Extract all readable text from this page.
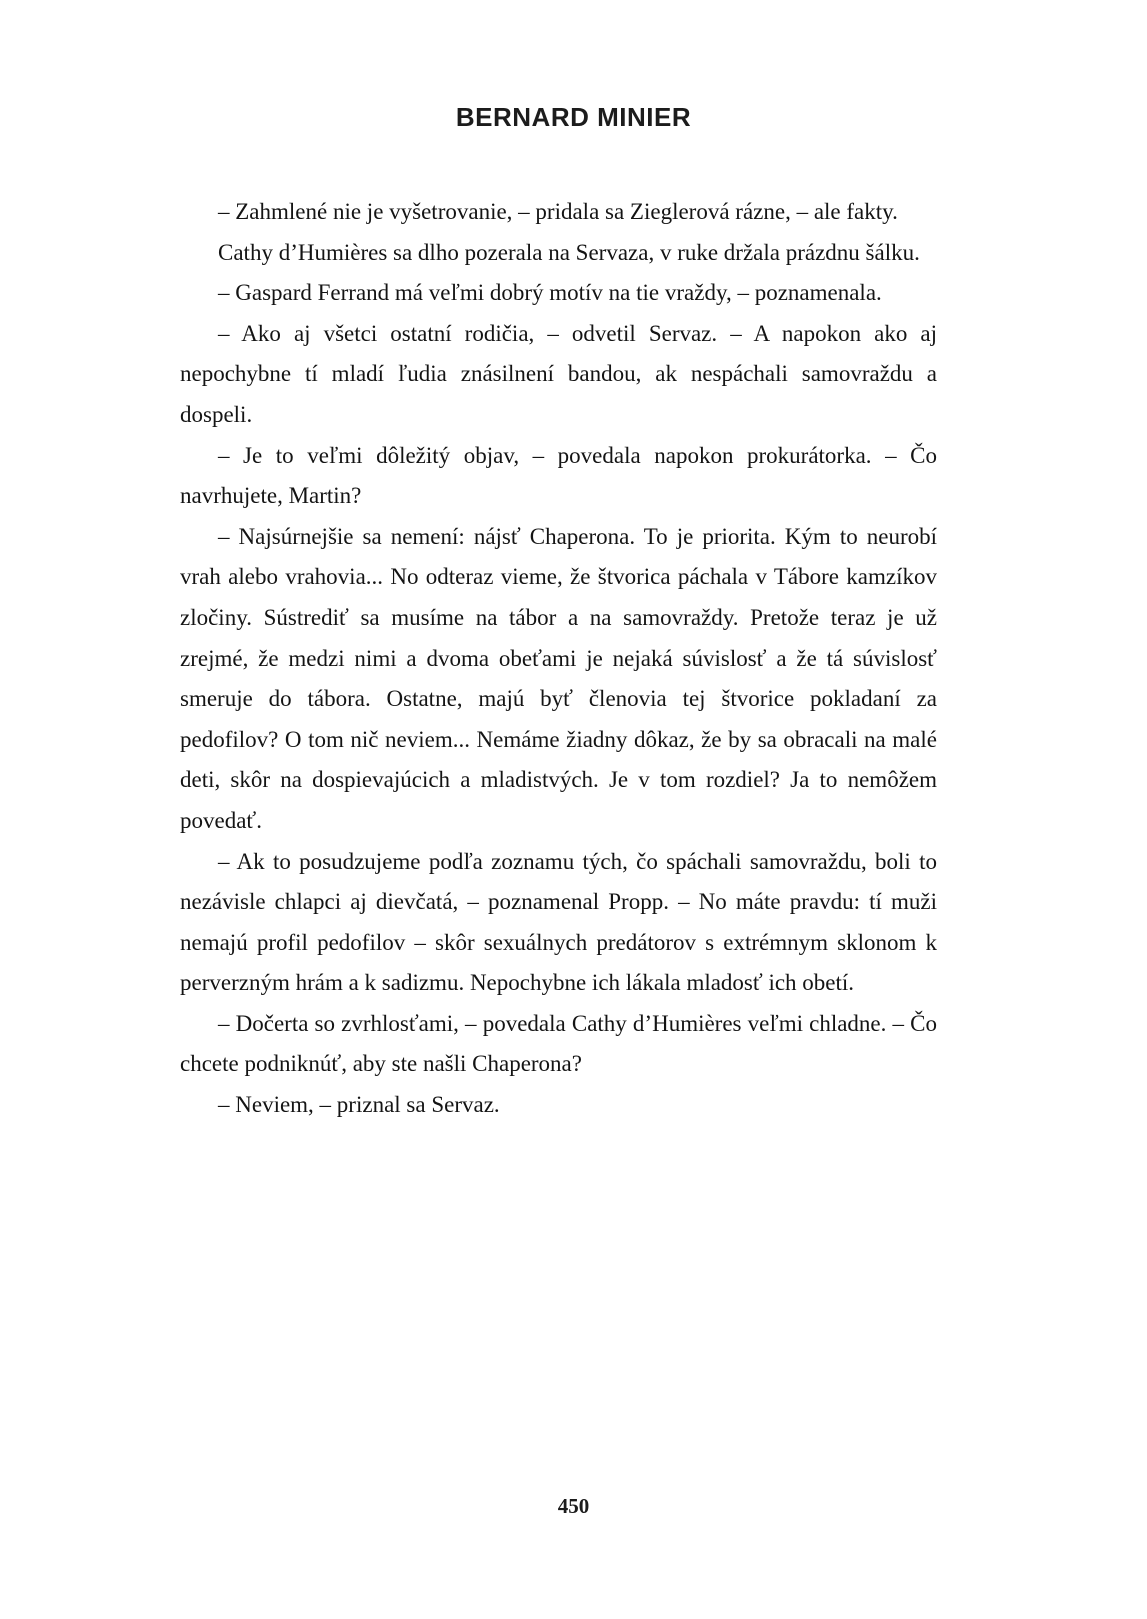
BERNARD MINIER

– Zahmlené nie je vyšetrovanie, – pridala sa Zieglerová rázne, – ale fakty.

Cathy d’Humières sa dlho pozerala na Servaza, v ruke držala prázdnu šálku.

– Gaspard Ferrand má veľmi dobrý motív na tie vraždy, – poznamenala.

– Ako aj všetci ostatní rodičia, – odvetil Servaz. – A napokon ako aj nepochybne tí mladí ľudia znásilnení bandou, ak nespáchali samovraždu a dospeli.

– Je to veľmi dôležitý objav, – povedala napokon prokurátorka. – Čo navrhujete, Martin?

– Najsúrnejšie sa nemení: nájsť Chaperona. To je priorita. Kým to neurobí vrah alebo vrahovia... No odteraz vieme, že štvorica páchala v Tábore kamzíkov zločiny. Sústrediť sa musíme na tábor a na samovraždy. Pretože teraz je už zrejmé, že medzi nimi a dvoma obeťami je nejaká súvislosť a že tá súvislosť smeruje do tábora. Ostatne, majú byť členovia tej štvorice pokladaní za pedofilov? O tom nič neviem... Nemáme žiadny dôkaz, že by sa obracali na malé deti, skôr na dospievajúcich a mladistvých. Je v tom rozdiel? Ja to nemôžem povedať.

– Ak to posudzujeme podľa zoznamu tých, čo spáchali samovraždu, boli to nezávisle chlapci aj dievčatá, – poznamenal Propp. – No máte pravdu: tí muži nemajú profil pedofilov – skôr sexuálnych predátorov s extrémnym sklonom k perverzným hrám a k sadizmu. Nepochybne ich lákala mladosť ich obetí.

– Dočerta so zvrhlosťami, – povedala Cathy d’Humières veľmi chladne. – Čo chcete podniknúť, aby ste našli Chaperona?

– Neviem, – priznal sa Servaz.

450
